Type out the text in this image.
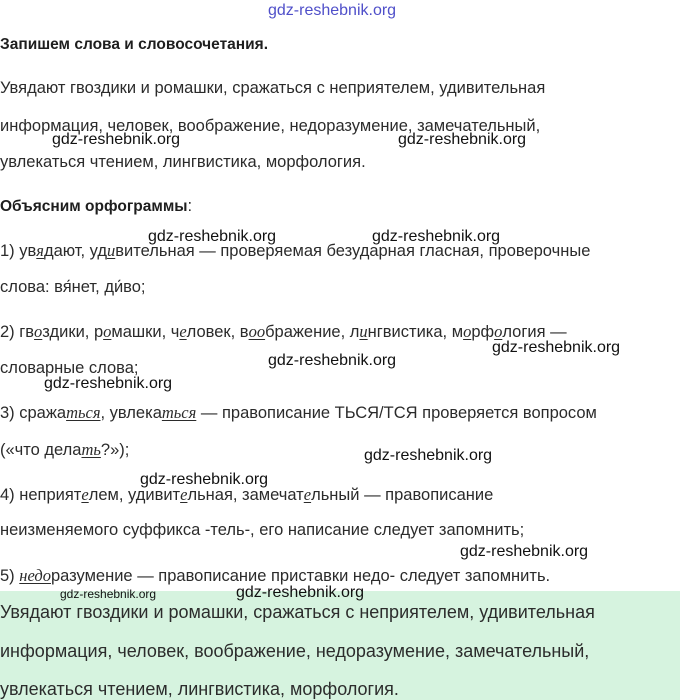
gdz-reshebnik.org
Запишем слова и словосочетания.
Увядают гвоздики и ромашки, сражаться с неприятелем, удивительная
информация, человек, воображение, недоразумение, замечательный,
увлекаться чтением, лингвистика, морфология.
gdz-reshebnik.org	gdz-reshebnik.org
Объясним орфограммы:
gdz-reshebnik.org	gdz-reshebnik.org
1) увядают, удивительная — проверяемая безударная гласная, проверочные
слова: вя́нет, ди́во;
2) гвоздики, ромашки, человек, воображение, лингвистика, морфология —
словарные слова;
gdz-reshebnik.org
gdz-reshebnik.org
gdz-reshebnik.org
3) сражаться, увлекаться — правописание ТЬСЯ/ТСЯ проверяется вопросом
(«что делать?»);	gdz-reshebnik.org
gdz-reshebnik.org
4) неприятелем, удивительная, замечательный — правописание
неизменяемого суффикса -тель-, его написание следует запомнить;
gdz-reshebnik.org
5) недоразумение — правописание приставки недо- следует запомнить.
Увядают гвоздики и ромашки, сражаться с неприятелем, удивительная
информация, человек, воображение, недоразумение, замечательный,
увлекаться чтением, лингвистика, морфология.
gdz-reshebnik.org	gdz-reshebnik.org
